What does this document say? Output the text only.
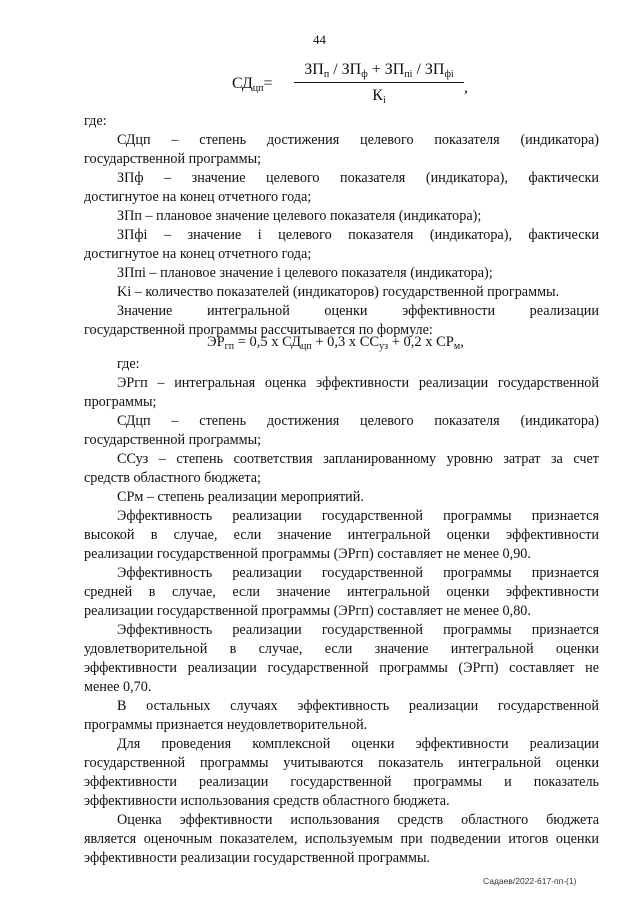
44
$СД_{цп}=$
$ЗП_п / ЗП_ф + ЗП_{пi} / ЗП_{фi}$
$К_i$
,

где:

СДцп – степень достижения целевого показателя (индикатора)

государственной программы;

ЗПф – значение целевого показателя (индикатора), фактически

достигнутое на конец отчетного года;

ЗПп – плановое значение целевого показателя (индикатора);

ЗПфi – значение i целевого показателя (индикатора), фактически

достигнутое на конец отчетного года;

ЗПпi – плановое значение i целевого показателя (индикатора);

Ki – количество показателей (индикаторов) государственной программы.

Значение интегральной оценки эффективности реализации

государственной программы рассчитывается по формуле:

$ЭР_{гп} = 0,5$ x $СД_{цп} + 0,3$ x $СС_{уз} + 0,2$ x $СР_м$,

где:

ЭРгп – интегральная оценка эффективности реализации государственной

программы;

СДцп – степень достижения целевого показателя (индикатора)

государственной программы;

ССуз – степень соответствия запланированному уровню затрат за счет

средств областного бюджета;

СРм – степень реализации мероприятий.

Эффективность реализации государственной программы признается

высокой в случае, если значение интегральной оценки эффективности

реализации государственной программы (ЭРгп) составляет не менее 0,90.

Эффективность реализации государственной программы признается

средней в случае, если значение интегральной оценки эффективности

реализации государственной программы (ЭРгп) составляет не менее 0,80.

Эффективность реализации государственной программы признается

удовлетворительной в случае, если значение интегральной оценки

эффективности реализации государственной программы (ЭРгп) составляет не

менее 0,70.

В остальных случаях эффективность реализации государственной

программы признается неудовлетворительной.

Для проведения комплексной оценки эффективности реализации

государственной программы учитываются показатель интегральной оценки

эффективности реализации государственной программы и показатель

эффективности использования средств областного бюджета.

Оценка эффективности использования средств областного бюджета

является оценочным показателем, используемым при подведении итогов оценки

эффективности реализации государственной программы.

Садаев/2022-617-пп-(1)
